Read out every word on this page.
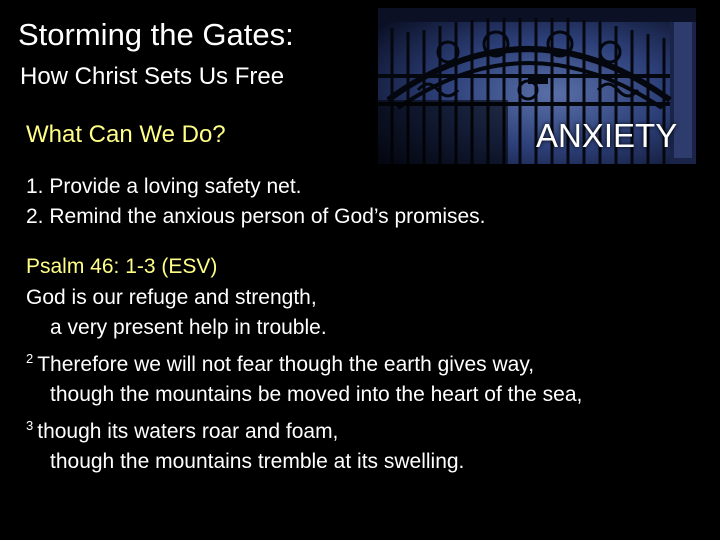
Storming the Gates:
How Christ Sets Us Free
What Can We Do?	ANXIETY
1. Provide a loving safety net.
2. Remind the anxious person of God’s promises.
Psalm 46: 1-3 (ESV)
God is our refuge and strength,
a very present help in trouble.
$^2$ Therefore we will not fear though the earth gives way,
though the mountains be moved into the heart of the sea,
$^3$ though its waters roar and foam,
though the mountains tremble at its swelling.
